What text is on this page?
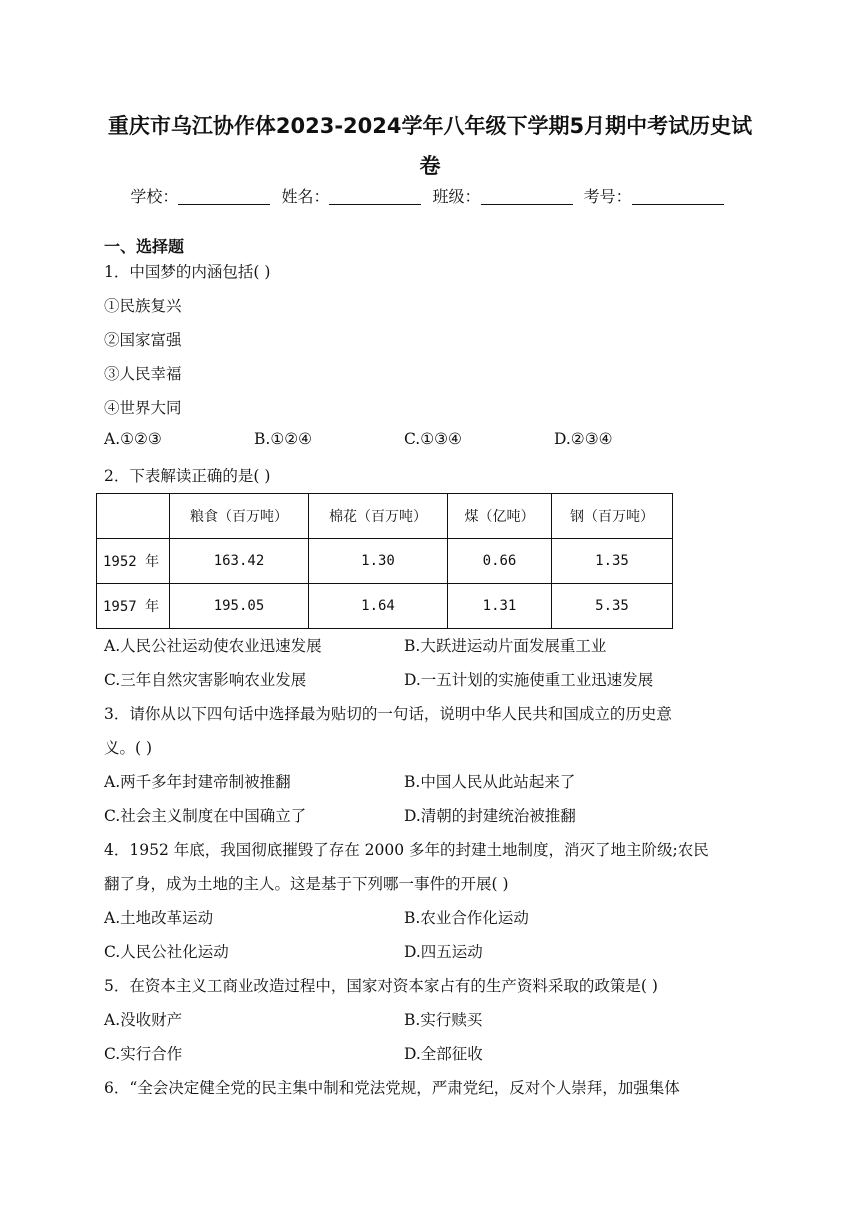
重庆市乌江协作体2023-2024学年八年级下学期5月期中考试历史试
卷
学校：	姓名：	班级：	考号：
一、选择题
1．中国梦的内涵包括( )
①民族复兴
②国家富强
③人民幸福
④世界大同
A.①②③	B.①②④	C.①③④	D.②③④
2．下表解读正确的是( )
	粮食（百万吨）	棉花（百万吨）	煤（亿吨）	钢（百万吨）
1952 年	163.42	1.30	0.66	1.35
1957 年	195.05	1.64	1.31	5.35
A.人民公社运动使农业迅速发展	B.大跃进运动片面发展重工业
C.三年自然灾害影响农业发展	D.一五计划的实施使重工业迅速发展
3．请你从以下四句话中选择最为贴切的一句话，说明中华人民共和国成立的历史意
义。( )
A.两千多年封建帝制被推翻	B.中国人民从此站起来了
C.社会主义制度在中国确立了	D.清朝的封建统治被推翻
4．1952 年底，我国彻底摧毁了存在 2000 多年的封建土地制度，消灭了地主阶级;农民
翻了身，成为土地的主人。这是基于下列哪一事件的开展( )
A.土地改革运动	B.农业合作化运动
C.人民公社化运动	D.四五运动
5．在资本主义工商业改造过程中，国家对资本家占有的生产资料采取的政策是( )
A.没收财产	B.实行赎买
C.实行合作	D.全部征收
6．“全会决定健全党的民主集中制和党法党规，严肃党纪，反对个人崇拜，加强集体
